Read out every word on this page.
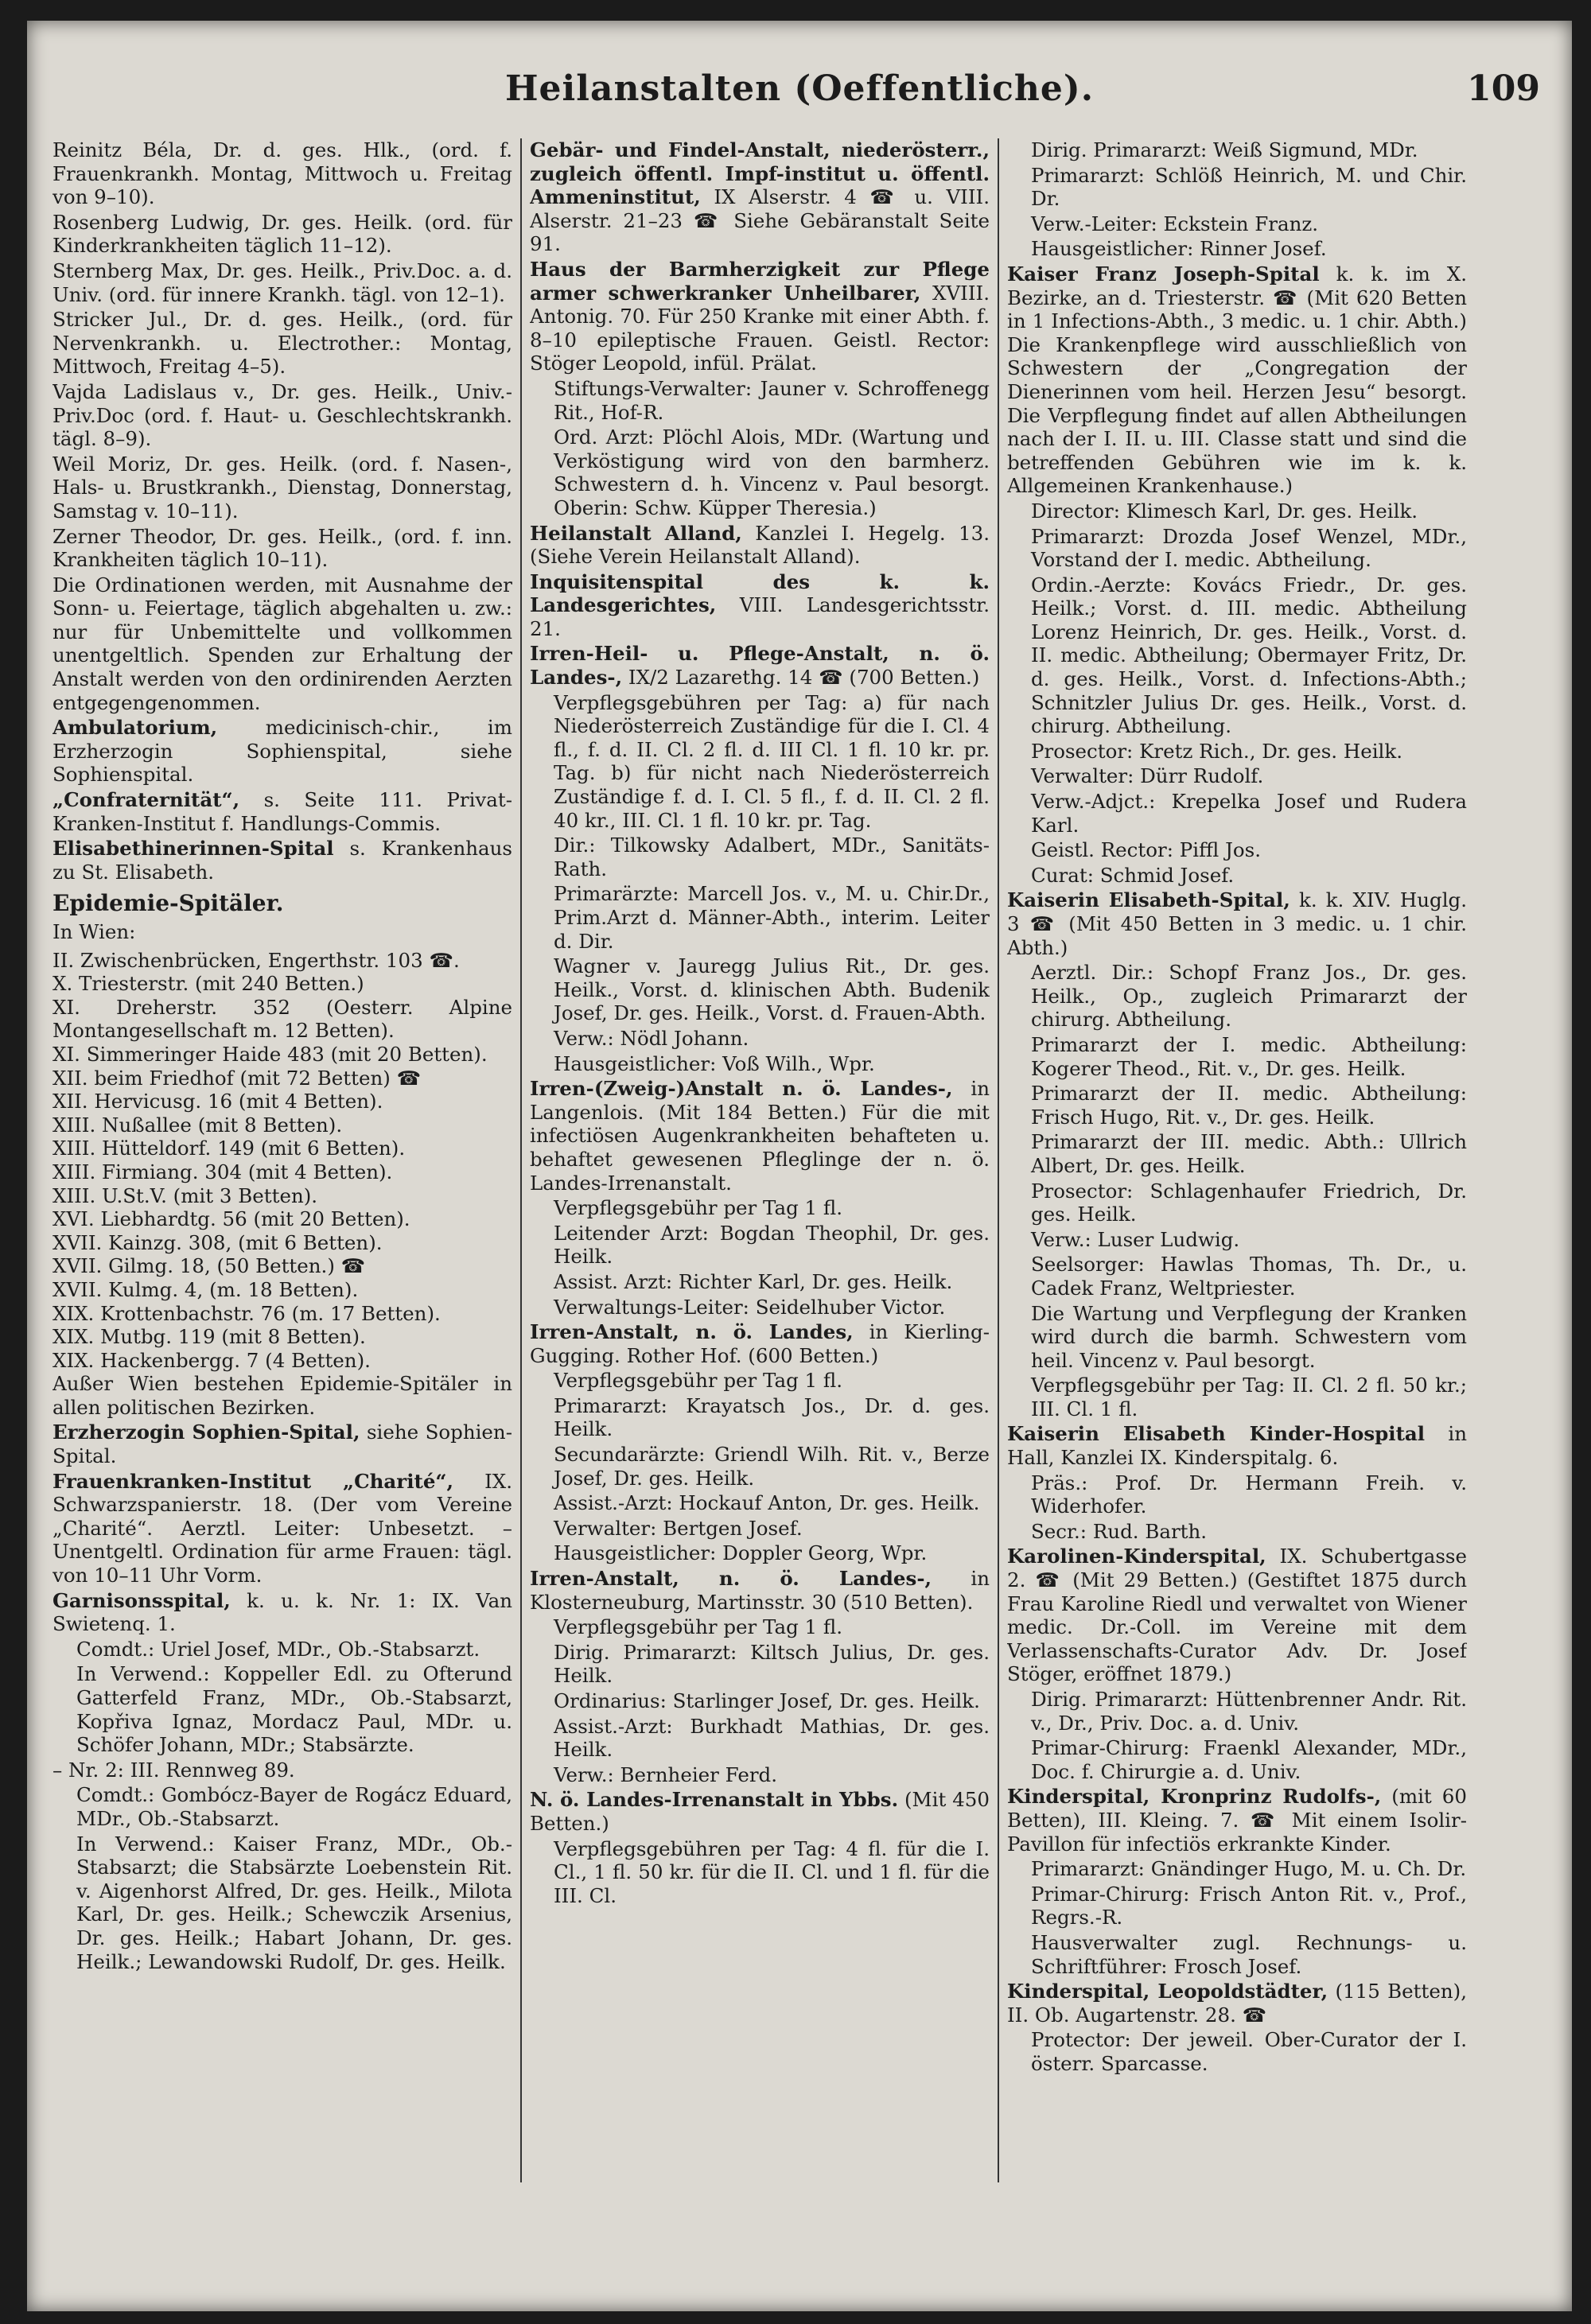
Heilanstalten (Oeffentliche).	109

Reinitz Béla, Dr. d. ges. Hlk., (ord. f. Frauenkrankh. Montag, Mittwoch u. Freitag von 9–10).

Rosenberg Ludwig, Dr. ges. Heilk. (ord. für Kinderkrankheiten täglich 11–12).

Sternberg Max, Dr. ges. Heilk., Priv.Doc. a. d. Univ. (ord. für innere Krankh. tägl. von 12–1).

Stricker Jul., Dr. d. ges. Heilk., (ord. für Nervenkrankh. u. Electrother.: Montag, Mittwoch, Freitag 4–5).

Vajda Ladislaus v., Dr. ges. Heilk., Univ.-Priv.Doc (ord. f. Haut- u. Geschlechtskrankh. tägl. 8–9).

Weil Moriz, Dr. ges. Heilk. (ord. f. Nasen-, Hals- u. Brustkrankh., Dienstag, Donnerstag, Samstag v. 10–11).

Zerner Theodor, Dr. ges. Heilk., (ord. f. inn. Krankheiten täglich 10–11).

Die Ordinationen werden, mit Ausnahme der Sonn- u. Feiertage, täglich abgehalten u. zw.: nur für Unbemittelte und vollkommen unentgeltlich. Spenden zur Erhaltung der Anstalt werden von den ordinirenden Aerzten entgegengenommen.

Ambulatorium, medicinisch-chir., im Erzherzogin Sophienspital, siehe Sophienspital.

„Confraternität“, s. Seite 111. Privat-Kranken-Institut f. Handlungs-Commis.

Elisabethinerinnen-Spital s. Krankenhaus zu St. Elisabeth.

Epidemie-Spitäler.

In Wien:

II. Zwischenbrücken, Engerthstr. 103 ☎.

X. Triesterstr. (mit 240 Betten.)

XI. Dreherstr. 352 (Oesterr. Alpine Montangesellschaft m. 12 Betten).

XI. Simmeringer Haide 483 (mit 20 Betten).

XII. beim Friedhof (mit 72 Betten) ☎

XII. Hervicusg. 16 (mit 4 Betten).

XIII. Nußallee (mit 8 Betten).

XIII. Hütteldorf. 149 (mit 6 Betten).

XIII. Firmiang. 304 (mit 4 Betten).

XIII. U.St.V. (mit 3 Betten).

XVI. Liebhardtg. 56 (mit 20 Betten).

XVII. Kainzg. 308, (mit 6 Betten).

XVII. Gilmg. 18, (50 Betten.) ☎

XVII. Kulmg. 4, (m. 18 Betten).

XIX. Krottenbachstr. 76 (m. 17 Betten).

XIX. Mutbg. 119 (mit 8 Betten).

XIX. Hackenbergg. 7 (4 Betten).

Außer Wien bestehen Epidemie-Spitäler in allen politischen Bezirken.

Erzherzogin Sophien-Spital, siehe Sophien-Spital.

Frauenkranken-Institut „Charité“, IX. Schwarzspanierstr. 18. (Der vom Vereine „Charité“. Aerztl. Leiter: Unbesetzt. – Unentgeltl. Ordination für arme Frauen: tägl. von 10–11 Uhr Vorm.

Garnisonsspital, k. u. k. Nr. 1: IX. Van Swietenq. 1.

Comdt.: Uriel Josef, MDr., Ob.-Stabsarzt.

In Verwend.: Koppeller Edl. zu Ofterund Gatterfeld Franz, MDr., Ob.-Stabsarzt, Kopřiva Ignaz, Mordacz Paul, MDr. u. Schöfer Johann, MDr.; Stabsärzte.

– Nr. 2: III. Rennweg 89.

Comdt.: Gombócz-Bayer de Rogácz Eduard, MDr., Ob.-Stabsarzt.

In Verwend.: Kaiser Franz, MDr., Ob.-Stabsarzt; die Stabsärzte Loebenstein Rit. v. Aigenhorst Alfred, Dr. ges. Heilk., Milota Karl, Dr. ges. Heilk.; Schewczik Arsenius, Dr. ges. Heilk.; Habart Johann, Dr. ges. Heilk.; Lewandowski Rudolf, Dr. ges. Heilk.

Gebär- und Findel-Anstalt, niederösterr., zugleich öffentl. Impf-institut u. öffentl. Ammeninstitut, IX Alserstr. 4 ☎ u. VIII. Alserstr. 21–23 ☎ Siehe Gebäranstalt Seite 91.

Haus der Barmherzigkeit zur Pflege armer schwerkranker Unheilbarer, XVIII. Antonig. 70. Für 250 Kranke mit einer Abth. f. 8–10 epileptische Frauen. Geistl. Rector: Stöger Leopold, infül. Prälat.

Stiftungs-Verwalter: Jauner v. Schroffenegg Rit., Hof-R.

Ord. Arzt: Plöchl Alois, MDr. (Wartung und Verköstigung wird von den barmherz. Schwestern d. h. Vincenz v. Paul besorgt. Oberin: Schw. Küpper Theresia.)

Heilanstalt Alland, Kanzlei I. Hegelg. 13. (Siehe Verein Heilanstalt Alland).

Inquisitenspital des k. k. Landesgerichtes, VIII. Landesgerichtsstr. 21.

Irren-Heil- u. Pflege-Anstalt, n. ö. Landes-, IX/2 Lazarethg. 14 ☎ (700 Betten.)

Verpflegsgebühren per Tag: a) für nach Niederösterreich Zuständige für die I. Cl. 4 fl., f. d. II. Cl. 2 fl. d. III Cl. 1 fl. 10 kr. pr. Tag. b) für nicht nach Niederösterreich Zuständige f. d. I. Cl. 5 fl., f. d. II. Cl. 2 fl. 40 kr., III. Cl. 1 fl. 10 kr. pr. Tag.

Dir.: Tilkowsky Adalbert, MDr., Sanitäts-Rath.

Primarärzte: Marcell Jos. v., M. u. Chir.Dr., Prim.Arzt d. Männer-Abth., interim. Leiter d. Dir.

Wagner v. Jauregg Julius Rit., Dr. ges. Heilk., Vorst. d. klinischen Abth. Budenik Josef, Dr. ges. Heilk., Vorst. d. Frauen-Abth.

Verw.: Nödl Johann.

Hausgeistlicher: Voß Wilh., Wpr.

Irren-(Zweig-)Anstalt n. ö. Landes-, in Langenlois. (Mit 184 Betten.) Für die mit infectiösen Augenkrankheiten behafteten u. behaftet gewesenen Pfleglinge der n. ö. Landes-Irrenanstalt.

Verpflegsgebühr per Tag 1 fl.

Leitender Arzt: Bogdan Theophil, Dr. ges. Heilk.

Assist. Arzt: Richter Karl, Dr. ges. Heilk.

Verwaltungs-Leiter: Seidelhuber Victor.

Irren-Anstalt, n. ö. Landes, in Kierling-Gugging. Rother Hof. (600 Betten.)

Verpflegsgebühr per Tag 1 fl.

Primararzt: Krayatsch Jos., Dr. d. ges. Heilk.

Secundarärzte: Griendl Wilh. Rit. v., Berze Josef, Dr. ges. Heilk.

Assist.-Arzt: Hockauf Anton, Dr. ges. Heilk.

Verwalter: Bertgen Josef.

Hausgeistlicher: Doppler Georg, Wpr.

Irren-Anstalt, n. ö. Landes-, in Klosterneuburg, Martinsstr. 30 (510 Betten).

Verpflegsgebühr per Tag 1 fl.

Dirig. Primararzt: Kiltsch Julius, Dr. ges. Heilk.

Ordinarius: Starlinger Josef, Dr. ges. Heilk.

Assist.-Arzt: Burkhadt Mathias, Dr. ges. Heilk.

Verw.: Bernheier Ferd.

N. ö. Landes-Irrenanstalt in Ybbs. (Mit 450 Betten.)

Verpflegsgebühren per Tag: 4 fl. für die I. Cl., 1 fl. 50 kr. für die II. Cl. und 1 fl. für die III. Cl.

Dirig. Primararzt: Weiß Sigmund, MDr.

Primararzt: Schlöß Heinrich, M. und Chir. Dr.

Verw.-Leiter: Eckstein Franz.

Hausgeistlicher: Rinner Josef.

Kaiser Franz Joseph-Spital k. k. im X. Bezirke, an d. Triesterstr. ☎ (Mit 620 Betten in 1 Infections-Abth., 3 medic. u. 1 chir. Abth.) Die Krankenpflege wird ausschließlich von Schwestern der „Congregation der Dienerinnen vom heil. Herzen Jesu“ besorgt. Die Verpflegung findet auf allen Abtheilungen nach der I. II. u. III. Classe statt und sind die betreffenden Gebühren wie im k. k. Allgemeinen Krankenhause.)

Director: Klimesch Karl, Dr. ges. Heilk.

Primararzt: Drozda Josef Wenzel, MDr., Vorstand der I. medic. Abtheilung.

Ordin.-Aerzte: Kovács Friedr., Dr. ges. Heilk.; Vorst. d. III. medic. Abtheilung Lorenz Heinrich, Dr. ges. Heilk., Vorst. d. II. medic. Abtheilung; Obermayer Fritz, Dr. d. ges. Heilk., Vorst. d. Infections-Abth.; Schnitzler Julius Dr. ges. Heilk., Vorst. d. chirurg. Abtheilung.

Prosector: Kretz Rich., Dr. ges. Heilk.

Verwalter: Dürr Rudolf.

Verw.-Adjct.: Krepelka Josef und Rudera Karl.

Geistl. Rector: Piffl Jos.

Curat: Schmid Josef.

Kaiserin Elisabeth-Spital, k. k. XIV. Huglg. 3 ☎ (Mit 450 Betten in 3 medic. u. 1 chir. Abth.)

Aerztl. Dir.: Schopf Franz Jos., Dr. ges. Heilk., Op., zugleich Primararzt der chirurg. Abtheilung.

Primararzt der I. medic. Abtheilung: Kogerer Theod., Rit. v., Dr. ges. Heilk.

Primararzt der II. medic. Abtheilung: Frisch Hugo, Rit. v., Dr. ges. Heilk.

Primararzt der III. medic. Abth.: Ullrich Albert, Dr. ges. Heilk.

Prosector: Schlagenhaufer Friedrich, Dr. ges. Heilk.

Verw.: Luser Ludwig.

Seelsorger: Hawlas Thomas, Th. Dr., u. Cadek Franz, Weltpriester.

Die Wartung und Verpflegung der Kranken wird durch die barmh. Schwestern vom heil. Vincenz v. Paul besorgt.

Verpflegsgebühr per Tag: II. Cl. 2 fl. 50 kr.; III. Cl. 1 fl.

Kaiserin Elisabeth Kinder-Hospital in Hall, Kanzlei IX. Kinderspitalg. 6.

Präs.: Prof. Dr. Hermann Freih. v. Widerhofer.

Secr.: Rud. Barth.

Karolinen-Kinderspital, IX. Schubertgasse 2. ☎ (Mit 29 Betten.) (Gestiftet 1875 durch Frau Karoline Riedl und verwaltet von Wiener medic. Dr.-Coll. im Vereine mit dem Verlassenschafts-Curator Adv. Dr. Josef Stöger, eröffnet 1879.)

Dirig. Primararzt: Hüttenbrenner Andr. Rit. v., Dr., Priv. Doc. a. d. Univ.

Primar-Chirurg: Fraenkl Alexander, MDr., Doc. f. Chirurgie a. d. Univ.

Kinderspital, Kronprinz Rudolfs-, (mit 60 Betten), III. Kleing. 7. ☎ Mit einem Isolir-Pavillon für infectiös erkrankte Kinder.

Primararzt: Gnändinger Hugo, M. u. Ch. Dr.

Primar-Chirurg: Frisch Anton Rit. v., Prof., Regrs.-R.

Hausverwalter zugl. Rechnungs- u. Schriftführer: Frosch Josef.

Kinderspital, Leopoldstädter, (115 Betten), II. Ob. Augartenstr. 28. ☎

Protector: Der jeweil. Ober-Curator der I. österr. Sparcasse.
